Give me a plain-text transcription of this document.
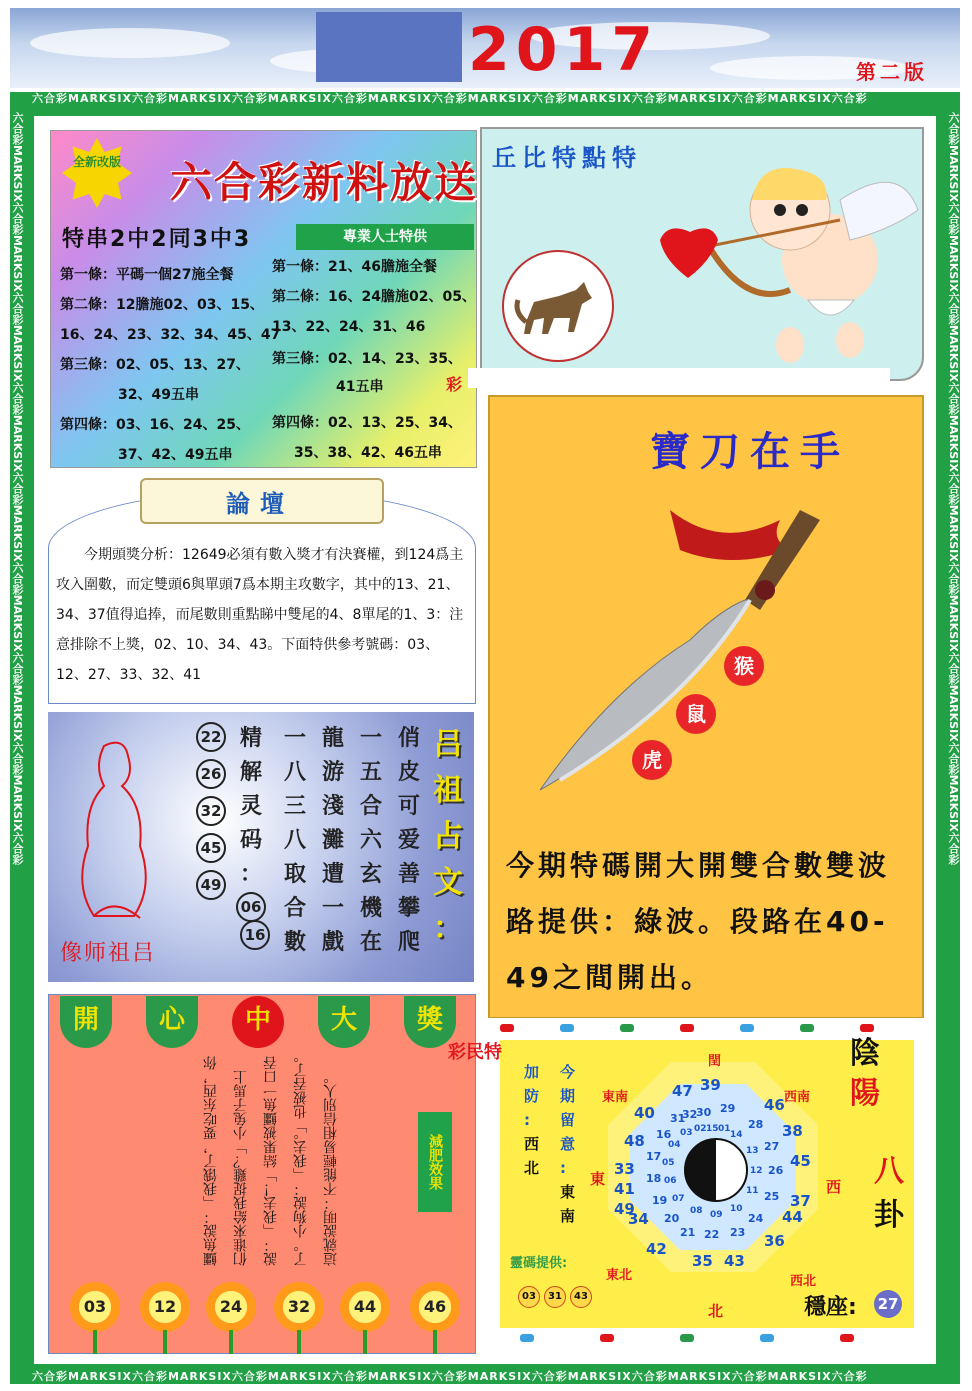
2017	第二版
六合彩MARKSIX六合彩MARKSIX六合彩MARKSIX六合彩MARKSIX六合彩MARKSIX六合彩MARKSIX六合彩MARKSIX六合彩MARKSIX六合彩
六合彩MARKSIX六合彩MARKSIX六合彩MARKSIX六合彩MARKSIX六合彩MARKSIX六合彩MARKSIX六合彩MARKSIX六合彩MARKSIX六合彩
六合彩MARKSIX六合彩MARKSIX六合彩MARKSIX六合彩MARKSIX六合彩MARKSIX六合彩MARKSIX六合彩MARKSIX六合彩MARKSIX六合彩	六合彩MARKSIX六合彩MARKSIX六合彩MARKSIX六合彩MARKSIX六合彩MARKSIX六合彩MARKSIX六合彩MARKSIX六合彩MARKSIX六合彩
全新改版 六合彩新料放送
特串2中2同3中3	專業人士特供
第一條：平碼一個27施全餐
第二條：12膽施02、03、15、
16、24、23、32、34、45、47
第三條：02、05、13、27、
32、49五串
第四條：03、16、24、25、
37、42、49五串
第一條：21、46膽施全餐
第二條：16、24膽施02、05、
13、22、24、31、46
第三條：02、14、23、35、
41五串
第四條：02、13、25、34、
35、38、42、46五串
彩
丘比特點特
寶刀在手
猴
鼠
虎
今期特碼開大開雙合數雙波路提供：綠波。段路在40-49之間開出。
論壇
今期頭獎分析：12649必須有數入獎才有決賽權，到124爲主攻入圍數，而定雙頭6與單頭7爲本期主攻數字，其中的13、21、34、37值得追捧，而尾數則重點睇中雙尾的4、8單尾的1、3：注意排除不上獎，02、10、34、43。下面特供參考號碼：03、12、27、33、32、41
像师祖吕
22
26
32
45
49
精
解
灵
码
：
06
16
一
八
三
八
取
合
數
龍
游
淺
灘
遭
一
戲
一
五
合
六
玄
機
在
俏
皮
可
爱
善
攀
爬
吕
祖
占
文
：
開	心	中	大	獎
鱷魚說：「我饿了，要吃东西，你们谁來給我捉雞？」小兔子馬上說：「我去！」結果被鱷魚一口吞了。小狗說：「我去。」也被吞了。這就說明：不能輕易相信別人。	減肥效果
03	12	24	32	44	46
彩民特
加
防
:
西
北
今
期
留
意
:
東
南
靈碼提供:
03	31	43
閏
東南	西南
東	西
東北	西北
北
39
47
46
38
45
37
36
44
43
35
42
34
33
41
49
40
48
29
30
28
27
26
25
24
23
22
21
20
19
18
17
16
31
32
15
14
13
12
11
10
09
08
07
06
05
04
03 02 01
陰
陽
八
卦
穩座: 27
